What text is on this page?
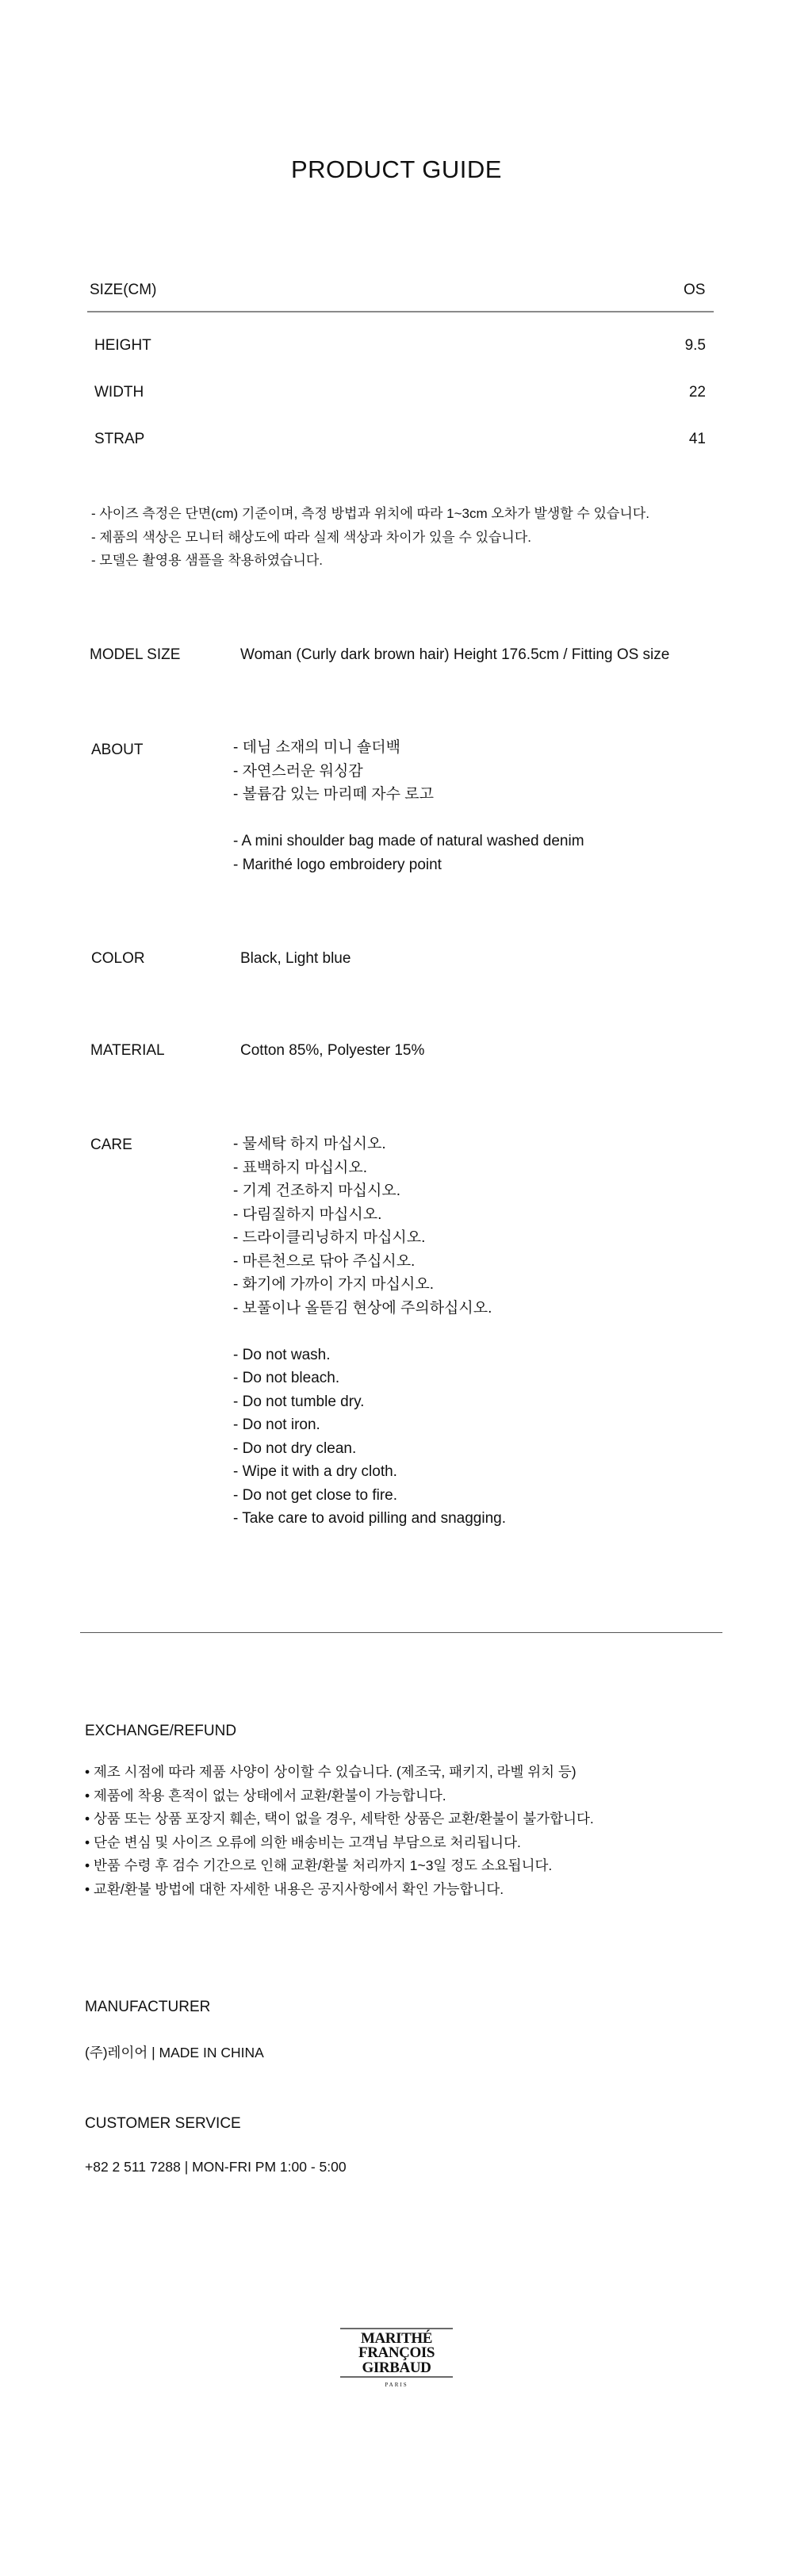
PRODUCT GUIDE
SIZE(CM)	OS
HEIGHT	9.5
WIDTH	22
STRAP	41
- 사이즈 측정은 단면(cm) 기준이며, 측정 방법과 위치에 따라 1~3cm 오차가 발생할 수 있습니다.
- 제품의 색상은 모니터 해상도에 따라 실제 색상과 차이가 있을 수 있습니다.
- 모델은 촬영용 샘플을 착용하였습니다.
MODEL SIZE	Woman (Curly dark brown hair) Height 176.5cm / Fitting OS size
ABOUT	- 데님 소재의 미니 숄더백
- 자연스러운 워싱감
- 볼륨감 있는 마리떼 자수 로고
- A mini shoulder bag made of natural washed denim
- Marithé logo embroidery point
COLOR	Black, Light blue
MATERIAL	Cotton 85%, Polyester 15%
CARE	- 물세탁 하지 마십시오.
- 표백하지 마십시오.
- 기계 건조하지 마십시오.
- 다림질하지 마십시오.
- 드라이클리닝하지 마십시오.
- 마른천으로 닦아 주십시오.
- 화기에 가까이 가지 마십시오.
- 보풀이나 올뜯김 현상에 주의하십시오.
- Do not wash.
- Do not bleach.
- Do not tumble dry.
- Do not iron.
- Do not dry clean.
- Wipe it with a dry cloth.
- Do not get close to fire.
- Take care to avoid pilling and snagging.
EXCHANGE/REFUND
• 제조 시점에 따라 제품 사양이 상이할 수 있습니다. (제조국, 패키지, 라벨 위치 등)
• 제품에 착용 흔적이 없는 상태에서 교환/환불이 가능합니다.
• 상품 또는 상품 포장지 훼손, 택이 없을 경우, 세탁한 상품은 교환/환불이 불가합니다.
• 단순 변심 및 사이즈 오류에 의한 배송비는 고객님 부담으로 처리됩니다.
• 반품 수령 후 검수 기간으로 인해 교환/환불 처리까지 1~3일 정도 소요됩니다.
• 교환/환불 방법에 대한 자세한 내용은 공지사항에서 확인 가능합니다.
MANUFACTURER
(주)레이어 | MADE IN CHINA
CUSTOMER SERVICE
+82 2 511 7288 | MON-FRI PM 1:00 - 5:00
MARITHÉ
FRANÇOIS
GIRBAUD
PARIS
